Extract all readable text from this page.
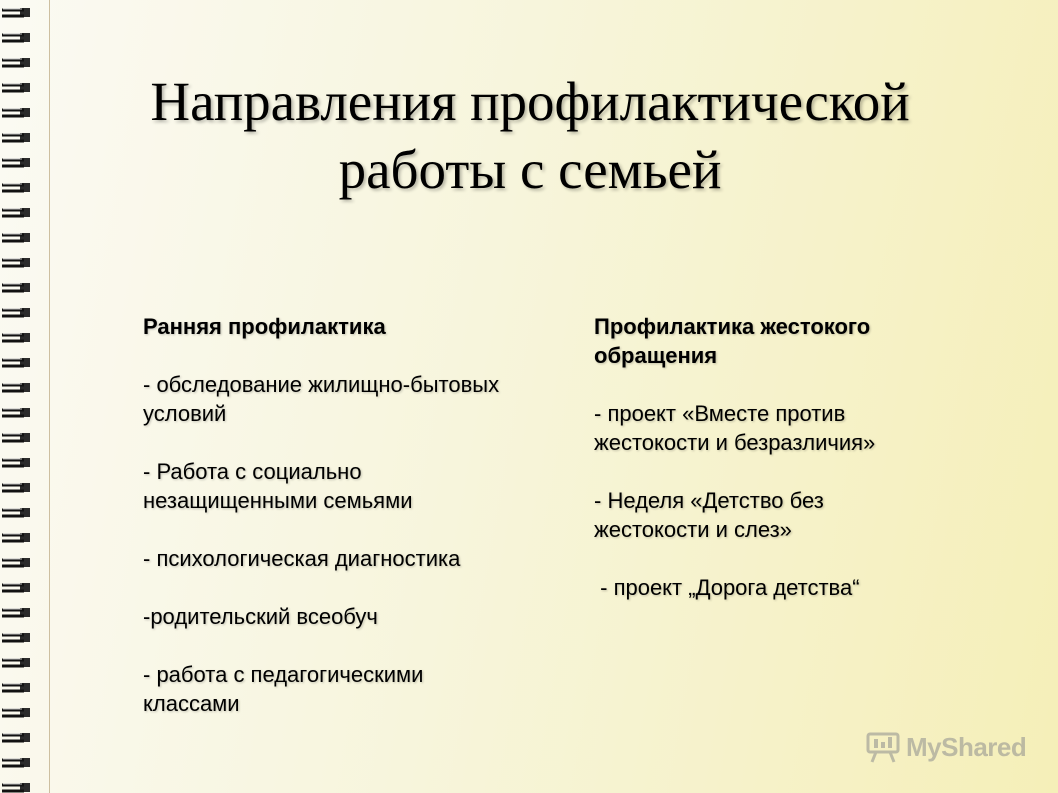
Направления профилактической
работы с семьей
Ранняя профилактика
- обследование жилищно-бытовых условий
- Работа с социально незащищенными семьями
- психологическая диагностика
-родительский всеобуч
- работа с педагогическими классами
Профилактика жестокого обращения
- проект «Вместе против жестокости и безразличия»
- Неделя «Детство без жестокости и слез»
- проект „Дорога детства“
MyShared
